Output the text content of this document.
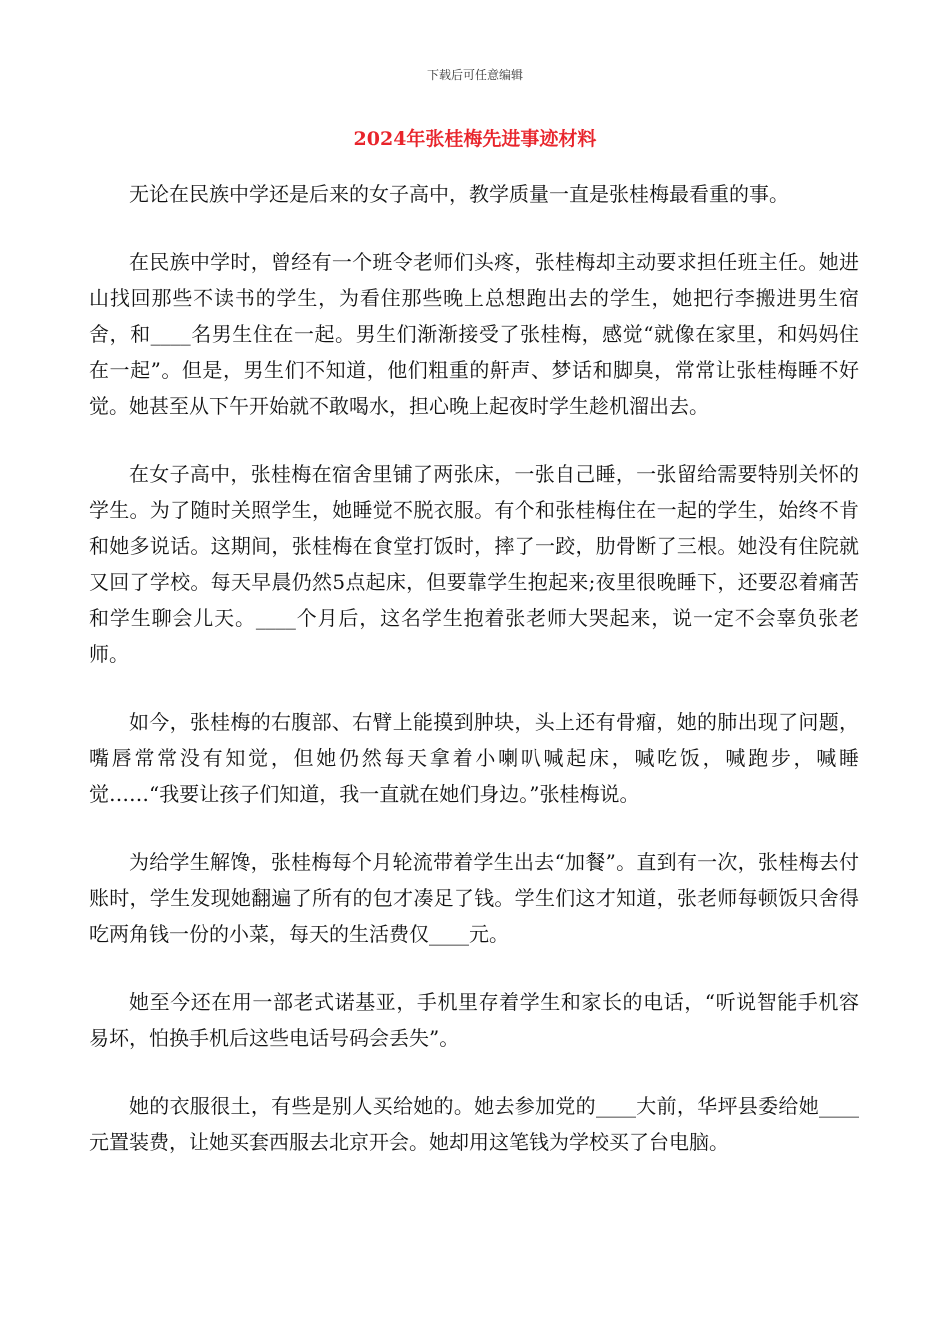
下载后可任意编辑
2024年张桂梅先进事迹材料

无论在民族中学还是后来的女子高中，教学质量一直是张桂梅最看重的事。

在民族中学时，曾经有一个班令老师们头疼，张桂梅却主动要求担任班主任。她进山找回那些不读书的学生，为看住那些晚上总想跑出去的学生，她把行李搬进男生宿舍，和____名男生住在一起。男生们渐渐接受了张桂梅，感觉“就像在家里，和妈妈住在一起”。但是，男生们不知道，他们粗重的鼾声、梦话和脚臭，常常让张桂梅睡不好觉。她甚至从下午开始就不敢喝水，担心晚上起夜时学生趁机溜出去。

在女子高中，张桂梅在宿舍里铺了两张床，一张自己睡，一张留给需要特别关怀的学生。为了随时关照学生，她睡觉不脱衣服。有个和张桂梅住在一起的学生，始终不肯和她多说话。这期间，张桂梅在食堂打饭时，摔了一跤，肋骨断了三根。她没有住院就又回了学校。每天早晨仍然5点起床，但要靠学生抱起来;夜里很晚睡下，还要忍着痛苦和学生聊会儿天。____个月后，这名学生抱着张老师大哭起来，说一定不会辜负张老师。

如今，张桂梅的右腹部、右臂上能摸到肿块，头上还有骨瘤，她的肺出现了问题，嘴唇常常没有知觉，但她仍然每天拿着小喇叭喊起床，喊吃饭，喊跑步，喊睡觉……“我要让孩子们知道，我一直就在她们身边。”张桂梅说。

为给学生解馋，张桂梅每个月轮流带着学生出去“加餐”。直到有一次，张桂梅去付账时，学生发现她翻遍了所有的包才凑足了钱。学生们这才知道，张老师每顿饭只舍得吃两角钱一份的小菜，每天的生活费仅____元。

她至今还在用一部老式诺基亚，手机里存着学生和家长的电话，“听说智能手机容易坏，怕换手机后这些电话号码会丢失”。

她的衣服很土，有些是别人买给她的。她去参加党的____大前，华坪县委给她____元置装费，让她买套西服去北京开会。她却用这笔钱为学校买了台电脑。
